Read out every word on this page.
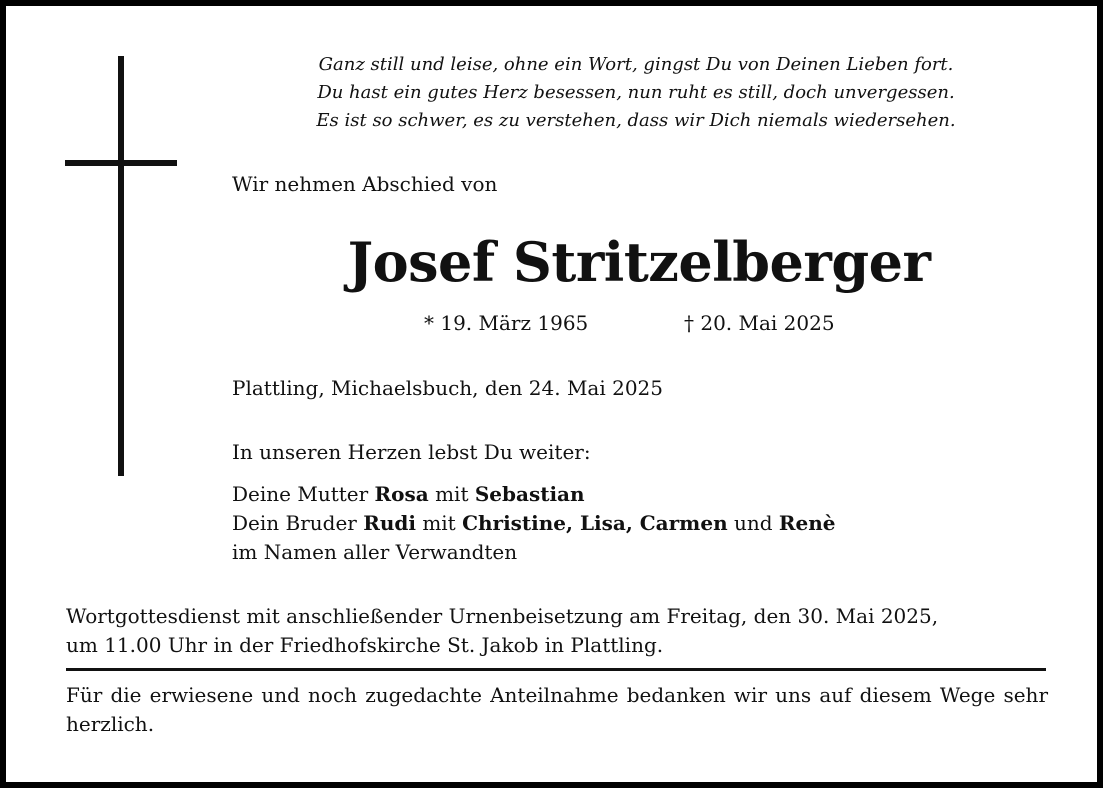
Ganz still und leise, ohne ein Wort, gingst Du von Deinen Lieben fort.
Du hast ein gutes Herz besessen, nun ruht es still, doch unvergessen.
Es ist so schwer, es zu verstehen, dass wir Dich niemals wiedersehen.
Wir nehmen Abschied von
Josef Stritzelberger
* 19. März 1965	† 20. Mai 2025
Plattling, Michaelsbuch, den 24. Mai 2025
In unseren Herzen lebst Du weiter:
Deine Mutter Rosa mit Sebastian
Dein Bruder Rudi mit Christine, Lisa, Carmen und Renè
im Namen aller Verwandten
Wortgottesdienst mit anschließender Urnenbeisetzung am Freitag, den 30. Mai 2025,
um 11.00 Uhr in der Friedhofskirche St. Jakob in Plattling.
Für die erwiesene und noch zugedachte Anteilnahme bedanken wir uns auf diesem Wege sehr herzlich.
